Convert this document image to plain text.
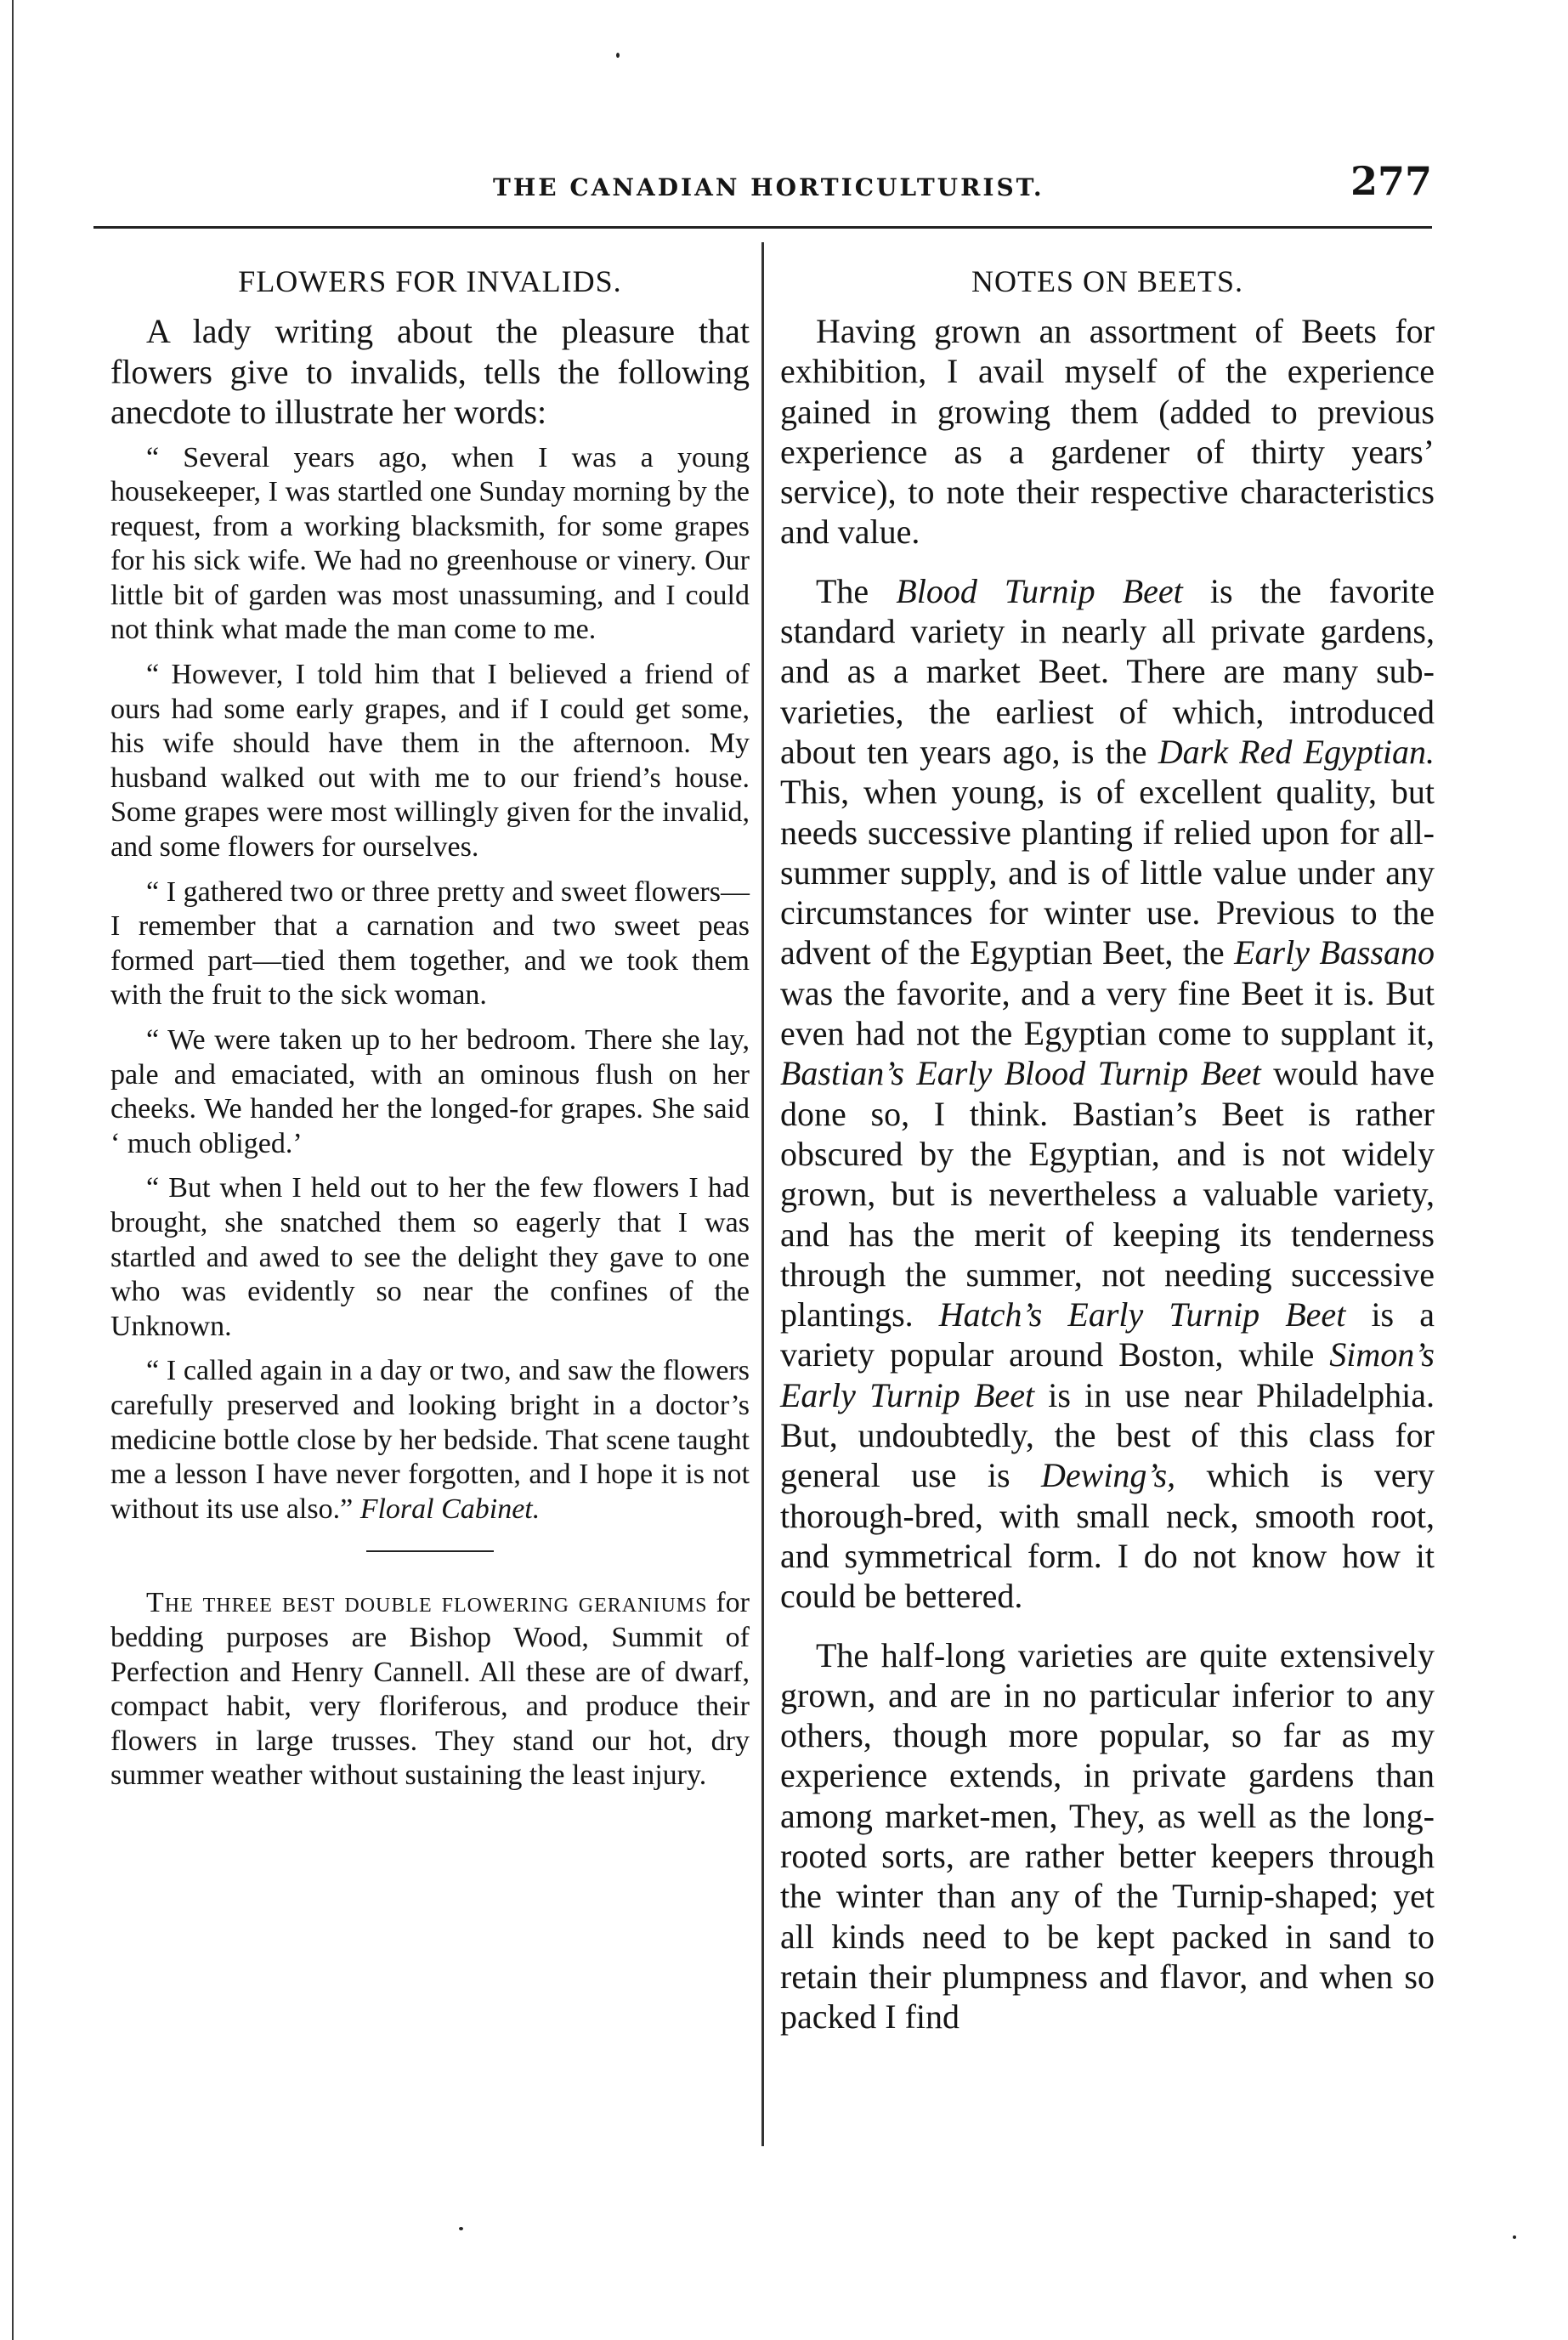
THE CANADIAN HORTICULTURIST.	277
FLOWERS FOR INVALIDS.

A lady writing about the pleasure that flowers give to invalids, tells the following anecdote to illustrate her words:

“ Several years ago, when I was a young housekeeper, I was startled one Sunday morning by the request, from a working blacksmith, for some grapes for his sick wife. We had no greenhouse or vinery. Our little bit of garden was most unassuming, and I could not think what made the man come to me.

“ However, I told him that I believed a friend of ours had some early grapes, and if I could get some, his wife should have them in the afternoon. My husband walked out with me to our friend’s house. Some grapes were most willingly given for the invalid, and some flowers for ourselves.

“ I gathered two or three pretty and sweet flowers—I remember that a carnation and two sweet peas formed part—tied them together, and we took them with the fruit to the sick woman.

“ We were taken up to her bedroom. There she lay, pale and emaciated, with an ominous flush on her cheeks. We handed her the longed-for grapes. She said ‘ much obliged.’

“ But when I held out to her the few flowers I had brought, she snatched them so eagerly that I was startled and awed to see the delight they gave to one who was evidently so near the confines of the Unknown.

“ I called again in a day or two, and saw the flowers carefully preserved and looking bright in a doctor’s medicine bottle close by her bedside. That scene taught me a lesson I have never forgotten, and I hope it is not without its use also.” Floral Cabinet.

The three best double flowering geraniums for bedding purposes are Bishop Wood, Summit of Perfection and Henry Cannell. All these are of dwarf, compact habit, very floriferous, and produce their flowers in large trusses. They stand our hot, dry summer weather without sustaining the least injury.

NOTES ON BEETS.

Having grown an assortment of Beets for exhibition, I avail myself of the experience gained in growing them (added to previous experience as a gardener of thirty years’ service), to note their respective characteristics and value.

The Blood Turnip Beet is the favorite standard variety in nearly all private gardens, and as a market Beet. There are many sub-varieties, the earliest of which, introduced about ten years ago, is the Dark Red Egyptian. This, when young, is of excellent quality, but needs successive planting if relied upon for all-summer supply, and is of little value under any circumstances for winter use. Previous to the advent of the Egyptian Beet, the Early Bassano was the favorite, and a very fine Beet it is. But even had not the Egyptian come to supplant it, Bastian’s Early Blood Turnip Beet would have done so, I think. Bastian’s Beet is rather obscured by the Egyptian, and is not widely grown, but is nevertheless a valuable variety, and has the merit of keeping its tenderness through the summer, not needing successive plantings. Hatch’s Early Turnip Beet is a variety popular around Boston, while Simon’s Early Turnip Beet is in use near Philadelphia. But, undoubtedly, the best of this class for general use is Dewing’s, which is very thorough-bred, with small neck, smooth root, and symmetrical form. I do not know how it could be bettered.

The half-long varieties are quite extensively grown, and are in no particular inferior to any others, though more popular, so far as my experience extends, in private gardens than among market-men, They, as well as the long-rooted sorts, are rather better keepers through the winter than any of the Turnip-shaped; yet all kinds need to be kept packed in sand to retain their plumpness and flavor, and when so packed I find
